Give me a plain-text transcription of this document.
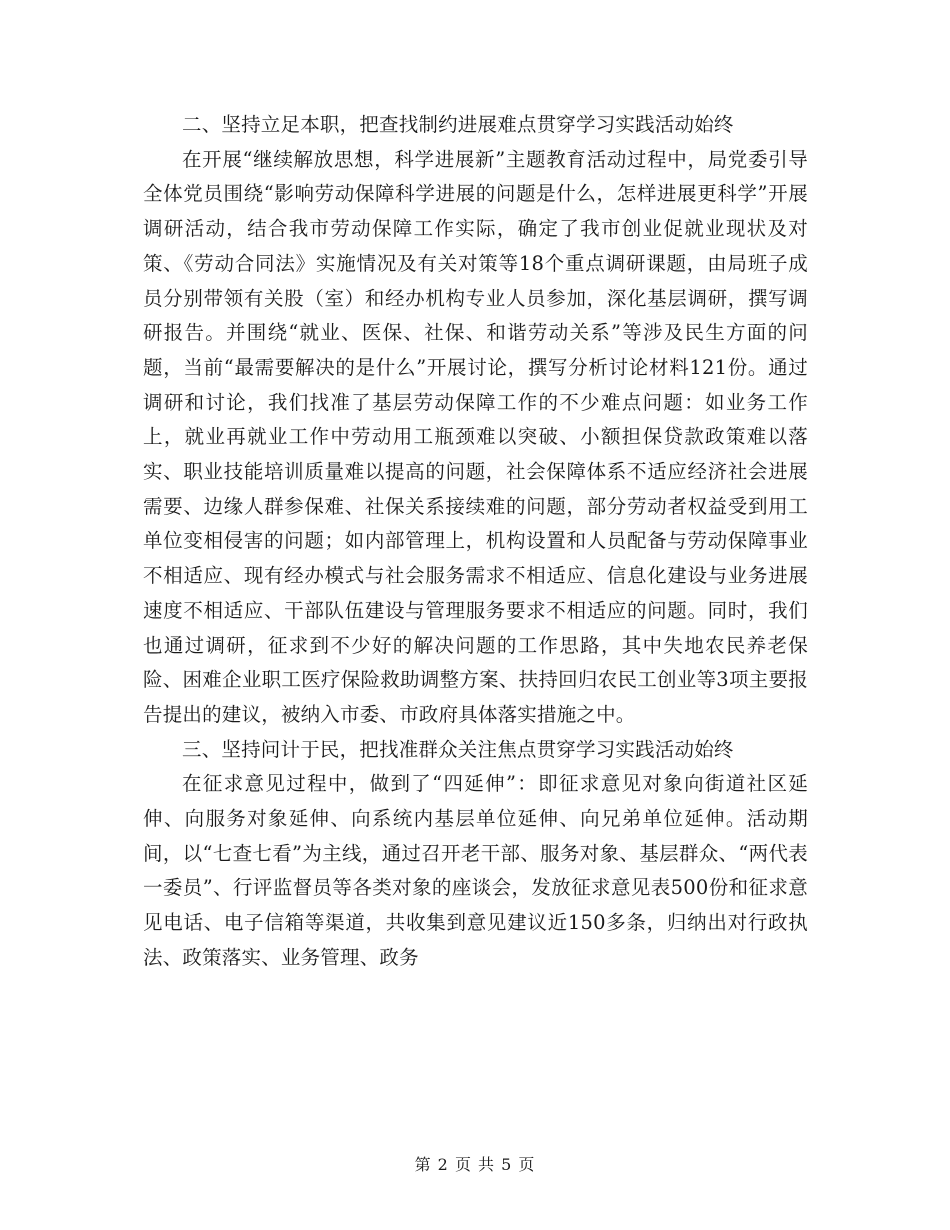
二、坚持立足本职，把查找制约进展难点贯穿学习实践活动始终

在开展“继续解放思想，科学进展新”主题教育活动过程中，局党委引导全体党员围绕“影响劳动保障科学进展的问题是什么，怎样进展更科学”开展调研活动，结合我市劳动保障工作实际，确定了我市创业促就业现状及对策、《劳动合同法》实施情况及有关对策等18个重点调研课题，由局班子成员分别带领有关股（室）和经办机构专业人员参加，深化基层调研，撰写调研报告。并围绕“就业、医保、社保、和谐劳动关系”等涉及民生方面的问题，当前“最需要解决的是什么”开展讨论，撰写分析讨论材料121份。通过调研和讨论，我们找准了基层劳动保障工作的不少难点问题：如业务工作上，就业再就业工作中劳动用工瓶颈难以突破、小额担保贷款政策难以落实、职业技能培训质量难以提高的问题，社会保障体系不适应经济社会进展需要、边缘人群参保难、社保关系接续难的问题，部分劳动者权益受到用工单位变相侵害的问题；如内部管理上，机构设置和人员配备与劳动保障事业不相适应、现有经办模式与社会服务需求不相适应、信息化建设与业务进展速度不相适应、干部队伍建设与管理服务要求不相适应的问题。同时，我们也通过调研，征求到不少好的解决问题的工作思路，其中失地农民养老保险、困难企业职工医疗保险救助调整方案、扶持回归农民工创业等3项主要报告提出的建议，被纳入市委、市政府具体落实措施之中。

三、坚持问计于民，把找准群众关注焦点贯穿学习实践活动始终

在征求意见过程中，做到了“四延伸”：即征求意见对象向街道社区延伸、向服务对象延伸、向系统内基层单位延伸、向兄弟单位延伸。活动期间，以“七查七看”为主线，通过召开老干部、服务对象、基层群众、“两代表一委员”、行评监督员等各类对象的座谈会，发放征求意见表500份和征求意见电话、电子信箱等渠道，共收集到意见建议近150多条，归纳出对行政执法、政策落实、业务管理、政务

第 2 页 共 5 页
